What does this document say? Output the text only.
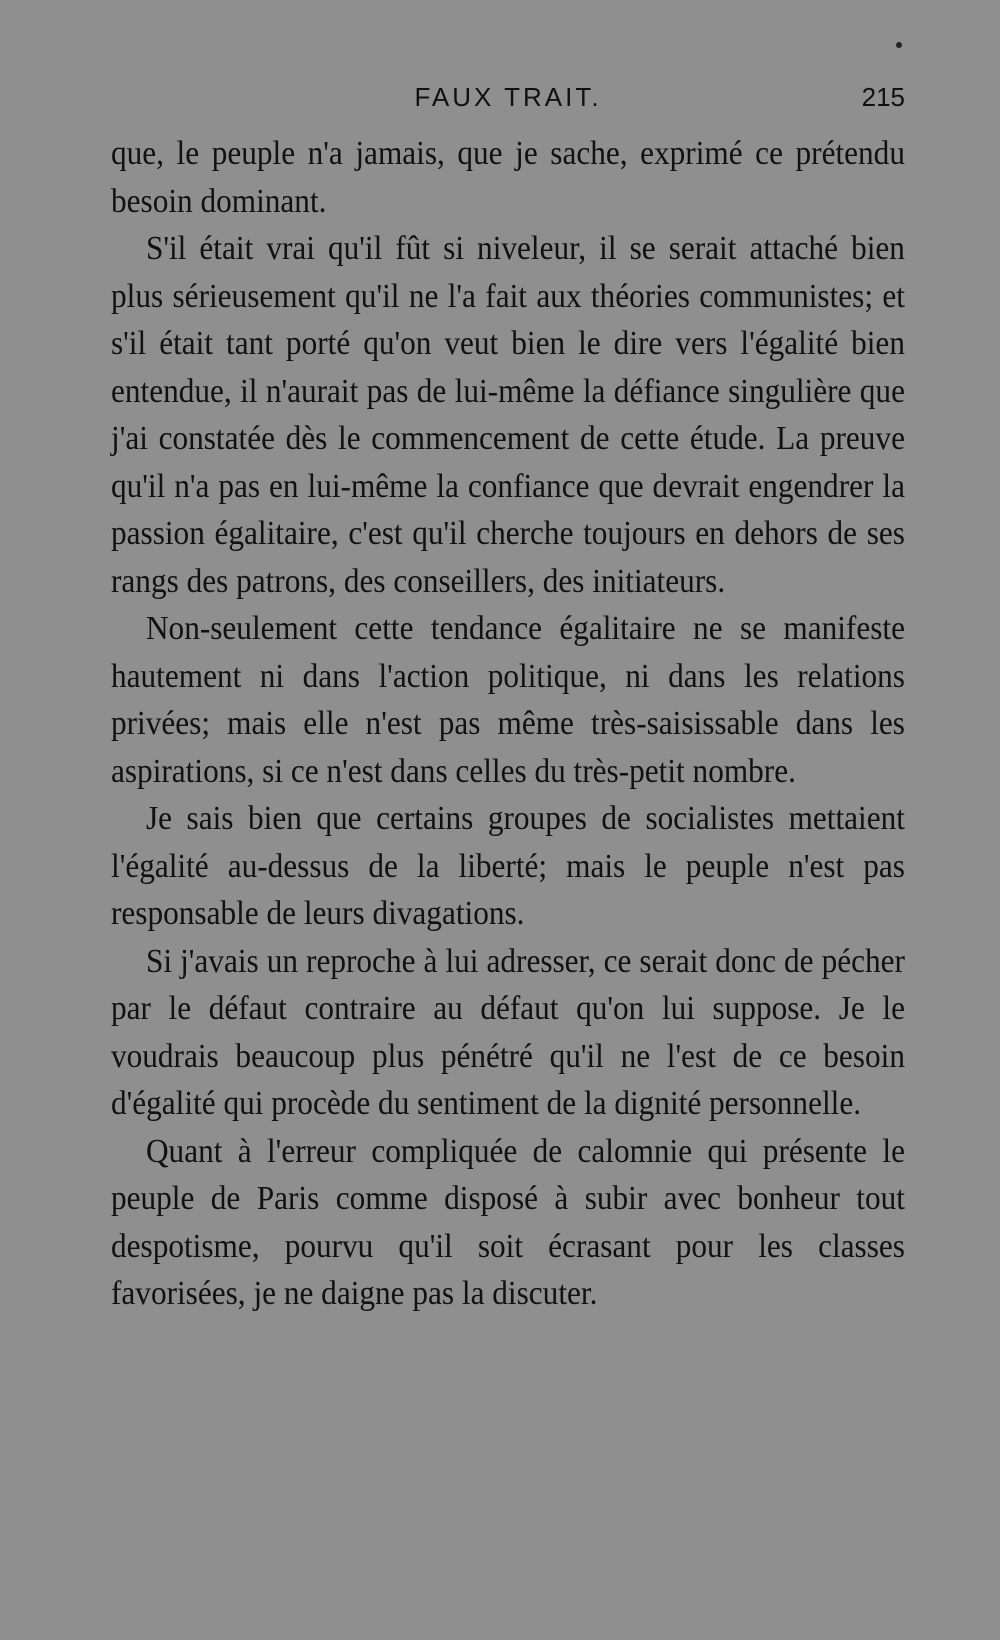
FAUX TRAIT.	215

que, le peuple n'a jamais, que je sache, exprimé ce prétendu besoin dominant.

S'il était vrai qu'il fût si niveleur, il se serait attaché bien plus sérieusement qu'il ne l'a fait aux théories communistes; et s'il était tant porté qu'on veut bien le dire vers l'égalité bien entendue, il n'aurait pas de lui-même la défiance singulière que j'ai constatée dès le commencement de cette étude. La preuve qu'il n'a pas en lui-même la confiance que devrait engendrer la passion égalitaire, c'est qu'il cherche toujours en dehors de ses rangs des patrons, des conseillers, des initiateurs.

Non-seulement cette tendance égalitaire ne se manifeste hautement ni dans l'action politique, ni dans les relations privées; mais elle n'est pas même très-saisissable dans les aspirations, si ce n'est dans celles du très-petit nombre.

Je sais bien que certains groupes de socialistes mettaient l'égalité au-dessus de la liberté; mais le peuple n'est pas responsable de leurs divagations.

Si j'avais un reproche à lui adresser, ce serait donc de pécher par le défaut contraire au défaut qu'on lui suppose. Je le voudrais beaucoup plus pénétré qu'il ne l'est de ce besoin d'égalité qui procède du sentiment de la dignité personnelle.

Quant à l'erreur compliquée de calomnie qui présente le peuple de Paris comme disposé à subir avec bonheur tout despotisme, pourvu qu'il soit écrasant pour les classes favorisées, je ne daigne pas la discuter.
